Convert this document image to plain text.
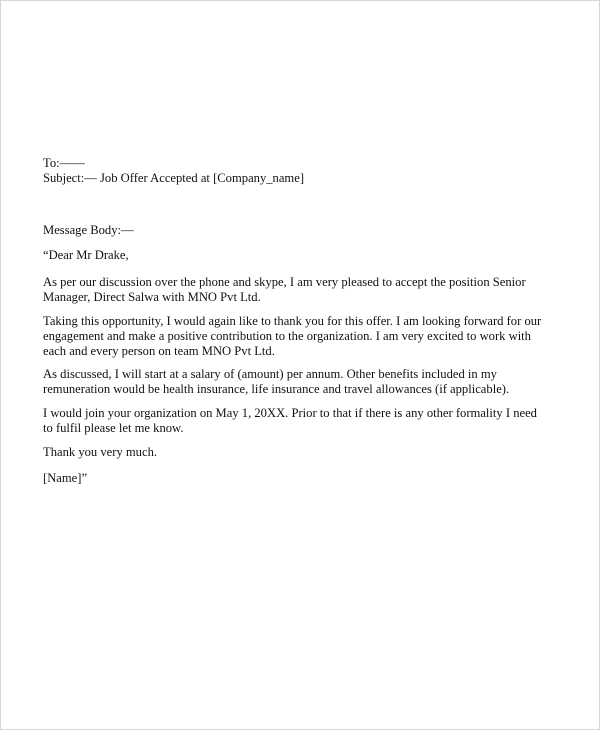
To:——
Subject:— Job Offer Accepted at [Company_name]
Message Body:—
“Dear Mr Drake,
As per our discussion over the phone and skype, I am very pleased to accept the position Senior
Manager, Direct Salwa with MNO Pvt Ltd.
Taking this opportunity, I would again like to thank you for this offer. I am looking forward for our
engagement and make a positive contribution to the organization. I am very excited to work with
each and every person on team MNO Pvt Ltd.
As discussed, I will start at a salary of (amount) per annum. Other benefits included in my
remuneration would be health insurance, life insurance and travel allowances (if applicable).
I would join your organization on May 1, 20XX. Prior to that if there is any other formality I need
to fulfil please let me know.
Thank you very much.
[Name]”
